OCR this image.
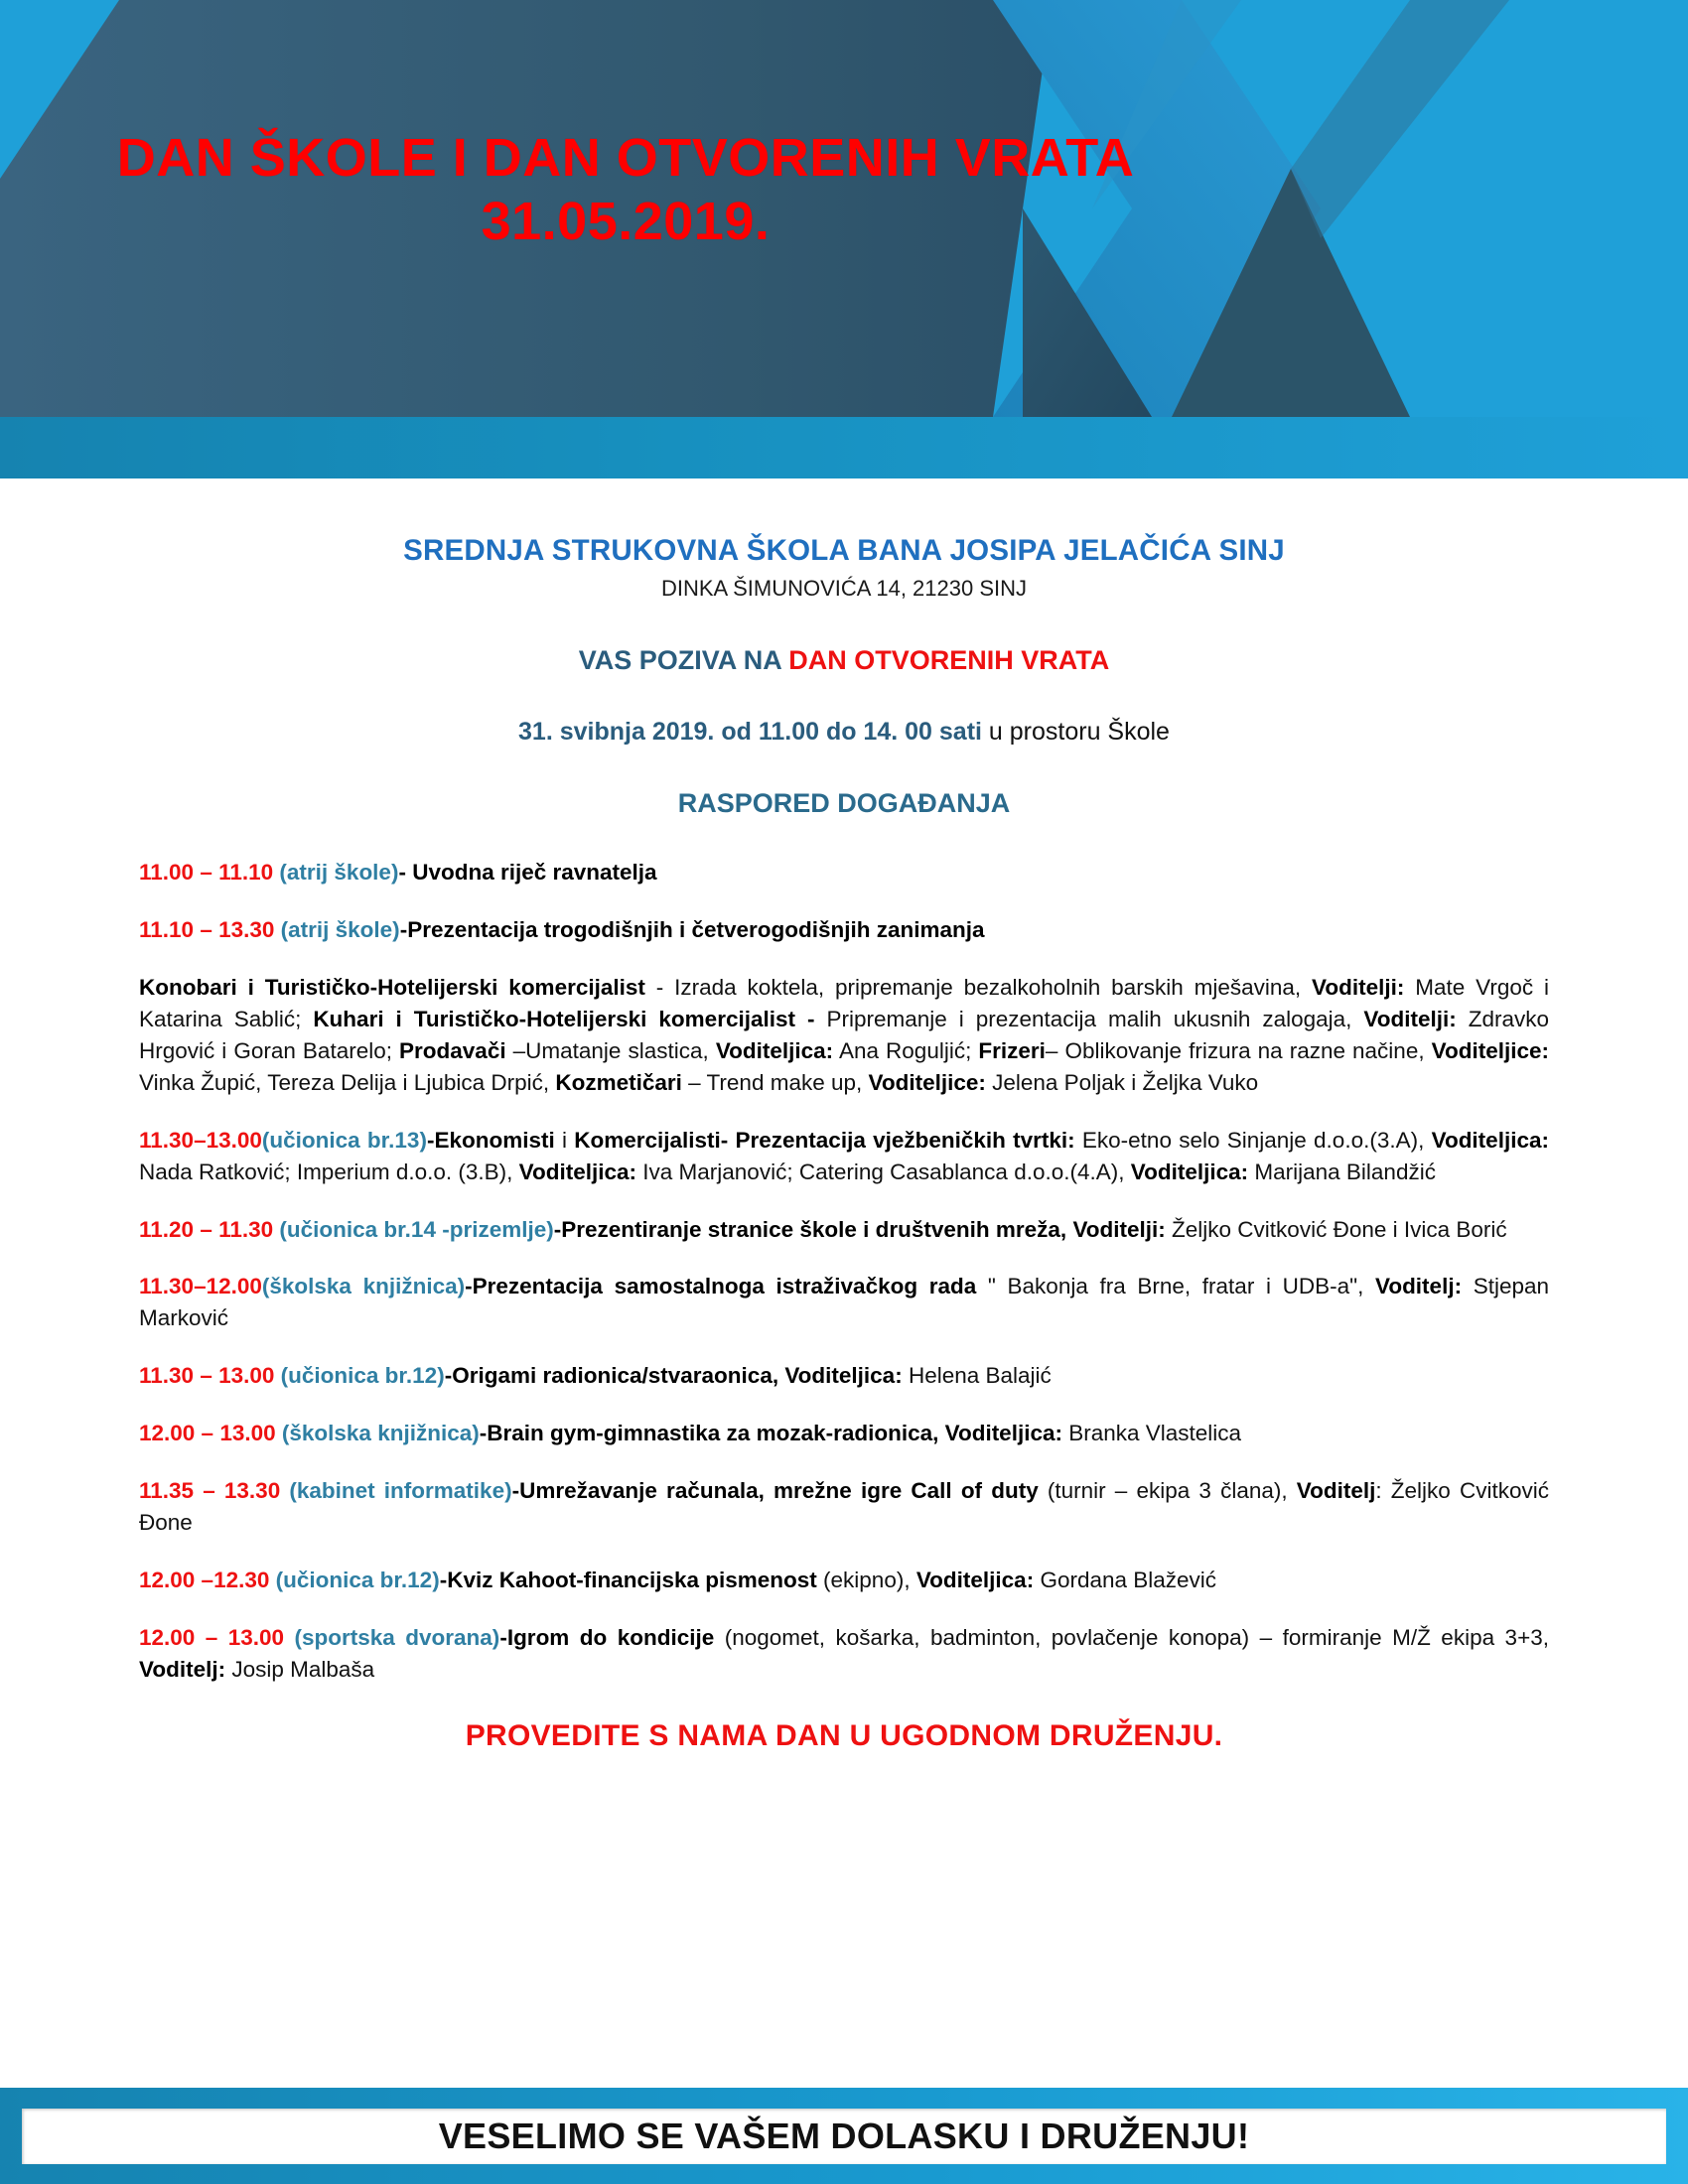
DAN ŠKOLE I DAN OTVORENIH VRATA
31.05.2019.
SREDNJA STRUKOVNA ŠKOLA BANA JOSIPA JELAČIĆA SINJ
DINKA ŠIMUNOVIĆA 14, 21230 SINJ
VAS POZIVA NA DAN OTVORENIH VRATA
31. svibnja 2019. od 11.00 do 14. 00 sati u prostoru Škole
RASPORED DOGAĐANJA

11.00 – 11.10 (atrij škole)- Uvodna riječ ravnatelja

11.10 – 13.30 (atrij škole)-Prezentacija trogodišnjih i četverogodišnjih zanimanja

Konobari i Turističko-Hotelijerski komercijalist - Izrada koktela, pripremanje bezalkoholnih barskih mješavina, Voditelji: Mate Vrgoč i Katarina Sablić; Kuhari i Turističko-Hotelijerski komercijalist - Pripremanje i prezentacija malih ukusnih zalogaja, Voditelji: Zdravko Hrgović i Goran Batarelo; Prodavači –Umatanje slastica, Voditeljica: Ana Roguljić; Frizeri– Oblikovanje frizura na razne načine, Voditeljice: Vinka Župić, Tereza Delija i Ljubica Drpić, Kozmetičari – Trend make up, Voditeljice: Jelena Poljak i Željka Vuko

11.30–13.00(učionica br.13)-Ekonomisti i Komercijalisti- Prezentacija vježbeničkih tvrtki: Eko-etno selo Sinjanje d.o.o.(3.A), Voditeljica: Nada Ratković; Imperium d.o.o. (3.B), Voditeljica: Iva Marjanović; Catering Casablanca d.o.o.(4.A), Voditeljica: Marijana Bilandžić

11.20 – 11.30 (učionica br.14 -prizemlje)-Prezentiranje stranice škole i društvenih mreža, Voditelji: Željko Cvitković Đone i Ivica Borić

11.30–12.00(školska knjižnica)-Prezentacija samostalnoga istraživačkog rada " Bakonja fra Brne, fratar i UDB-a", Voditelj: Stjepan Marković

11.30 – 13.00 (učionica br.12)-Origami radionica/stvaraonica, Voditeljica: Helena Balajić

12.00 – 13.00 (školska knjižnica)-Brain gym-gimnastika za mozak-radionica, Voditeljica: Branka Vlastelica

11.35 – 13.30 (kabinet informatike)-Umrežavanje računala, mrežne igre Call of duty (turnir – ekipa 3 člana), Voditelj: Željko Cvitković Đone

12.00 –12.30 (učionica br.12)-Kviz Kahoot-financijska pismenost (ekipno), Voditeljica: Gordana Blažević

12.00 – 13.00 (sportska dvorana)-Igrom do kondicije (nogomet, košarka, badminton, povlačenje konopa) – formiranje M/Ž ekipa 3+3, Voditelj: Josip Malbaša

PROVEDITE S NAMA DAN U UGODNOM DRUŽENJU.
VESELIMO SE VAŠEM DOLASKU I DRUŽENJU!
